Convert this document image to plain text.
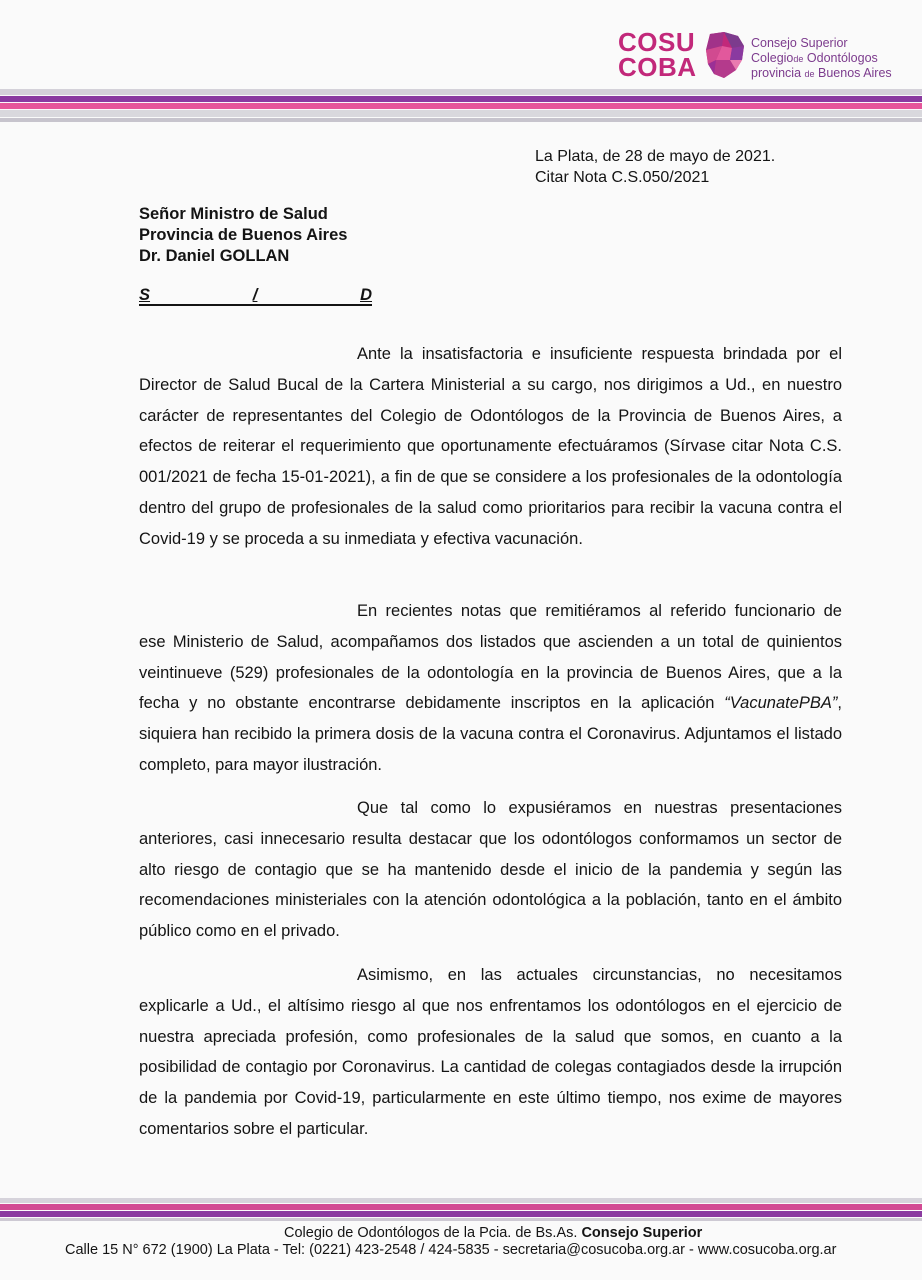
COSU
COBA
Consejo Superior
Colegiode Odontólogos
provincia de Buenos Aires
La Plata, de 28 de mayo de 2021.
Citar Nota C.S.050/2021
Señor Ministro de Salud
Provincia de Buenos Aires
Dr. Daniel GOLLAN
S	/	D

Ante la insatisfactoria e insuficiente respuesta brindada por el Director de Salud Bucal de la Cartera Ministerial a su cargo, nos dirigimos a Ud., en nuestro carácter de representantes del Colegio de Odontólogos de la Provincia de Buenos Aires, a efectos de reiterar el requerimiento que oportunamente efectuáramos (Sírvase citar Nota C.S. 001/2021 de fecha 15-01-2021), a fin de que se considere a los profesionales de la odontología dentro del grupo de profesionales de la salud como prioritarios para recibir la vacuna contra el Covid-19 y se proceda a su inmediata y efectiva vacunación.

En recientes notas que remitiéramos al referido funcionario de ese Ministerio de Salud, acompañamos dos listados que ascienden a un total de quinientos veintinueve (529) profesionales de la odontología en la provincia de Buenos Aires, que a la fecha y no obstante encontrarse debidamente inscriptos en la aplicación “VacunatePBA”, siquiera han recibido la primera dosis de la vacuna contra el Coronavirus. Adjuntamos el listado completo, para mayor ilustración.

Que tal como lo expusiéramos en nuestras presentaciones anteriores, casi innecesario resulta destacar que los odontólogos conformamos un sector de alto riesgo de contagio que se ha mantenido desde el inicio de la pandemia y según las recomendaciones ministeriales con la atención odontológica a la población, tanto en el ámbito público como en el privado.

Asimismo, en las actuales circunstancias, no necesitamos explicarle a Ud., el altísimo riesgo al que nos enfrentamos los odontólogos en el ejercicio de nuestra apreciada profesión, como profesionales de la salud que somos, en cuanto a la posibilidad de contagio por Coronavirus. La cantidad de colegas contagiados desde la irrupción de la pandemia por Covid-19, particularmente en este último tiempo, nos exime de mayores comentarios sobre el particular.

Colegio de Odontólogos de la Pcia. de Bs.As. Consejo Superior
Calle 15 N° 672 (1900) La Plata - Tel: (0221) 423-2548 / 424-5835 - secretaria@cosucoba.org.ar - www.cosucoba.org.ar
